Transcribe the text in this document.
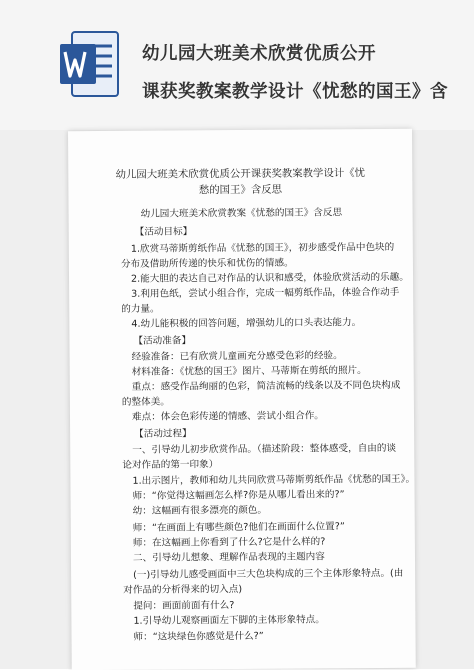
幼儿园大班美术欣赏优质公开
课获奖教案教学设计《忧愁的国王》含
幼儿园大班美术欣赏优质公开课获奖教案教学设计《忧
愁的国王》含反思
幼儿园大班美术欣赏教案《忧愁的国王》含反思
【活动目标】
1.欣赏马蒂斯剪纸作品《忧愁的国王》，初步感受作品中色块的
分布及借助所传递的快乐和忧伤的情感。
2.能大胆的表达自己对作品的认识和感受，体验欣赏活动的乐趣。
3.利用色纸，尝试小组合作，完成一幅剪纸作品，体验合作动手
的力量。
4.幼儿能积极的回答问题，增强幼儿的口头表达能力。
【活动准备】
经验准备：已有欣赏儿童画充分感受色彩的经验。
材料准备：《忧愁的国王》图片、马蒂斯在剪纸的照片。
重点：感受作品绚丽的色彩，简洁流畅的线条以及不同色块构成
的整体美。
难点：体会色彩传递的情感、尝试小组合作。
【活动过程】
一、引导幼儿初步欣赏作品。（描述阶段：整体感受，自由的谈
论对作品的第一印象）
1.出示图片，教师和幼儿共同欣赏马蒂斯剪纸作品《忧愁的国王》。
师：“你觉得这幅画怎么样?你是从哪儿看出来的?”
幼：这幅画有很多漂亮的颜色。
师：“在画面上有哪些颜色?他们在画面什么位置?”
师：在这幅画上你看到了什么?它是什么样的?
二、引导幼儿想象、理解作品表现的主题内容
(一)引导幼儿感受画面中三大色块构成的三个主体形象特点。(由
对作品的分析得来的切入点)
提问：画面前面有什么?
1.引导幼儿观察画面左下脚的主体形象特点。
师：“这块绿色你感觉是什么?”
